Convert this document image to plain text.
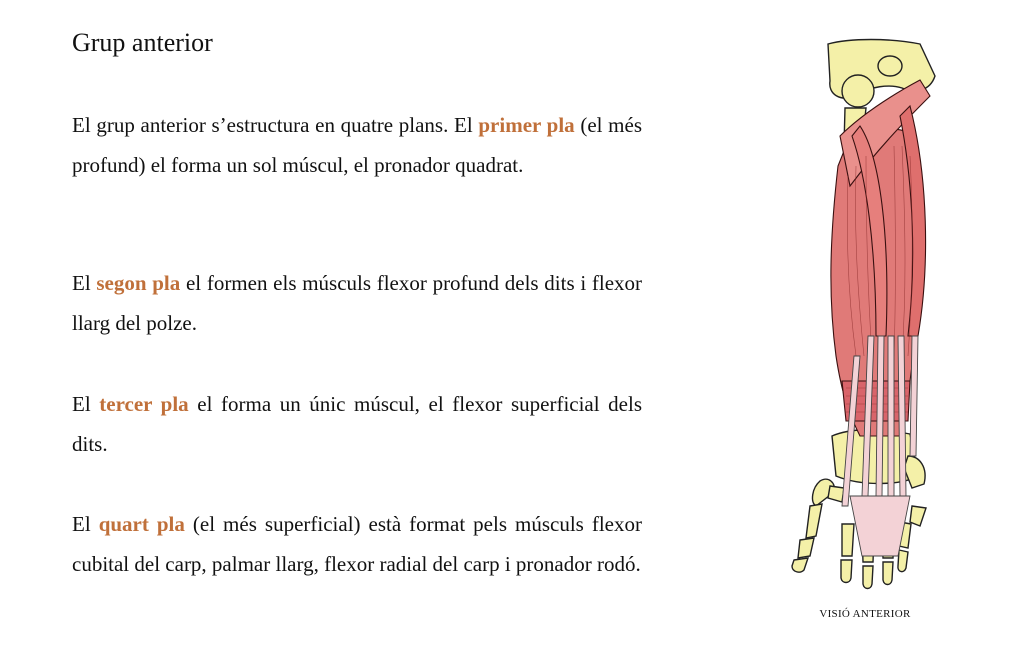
Grup anterior

El grup anterior s’estructura en quatre plans. El primer pla (el més profund) el forma un sol múscul, el pronador quadrat.

El segon pla el formen els músculs flexor profund dels dits i flexor llarg del polze.

El tercer pla el forma un únic múscul, el flexor superficial dels dits.

El quart pla (el més superficial) està format pels músculs flexor cubital del carp, palmar llarg, flexor radial del carp i pronador rodó.

VISIÓ ANTERIOR
